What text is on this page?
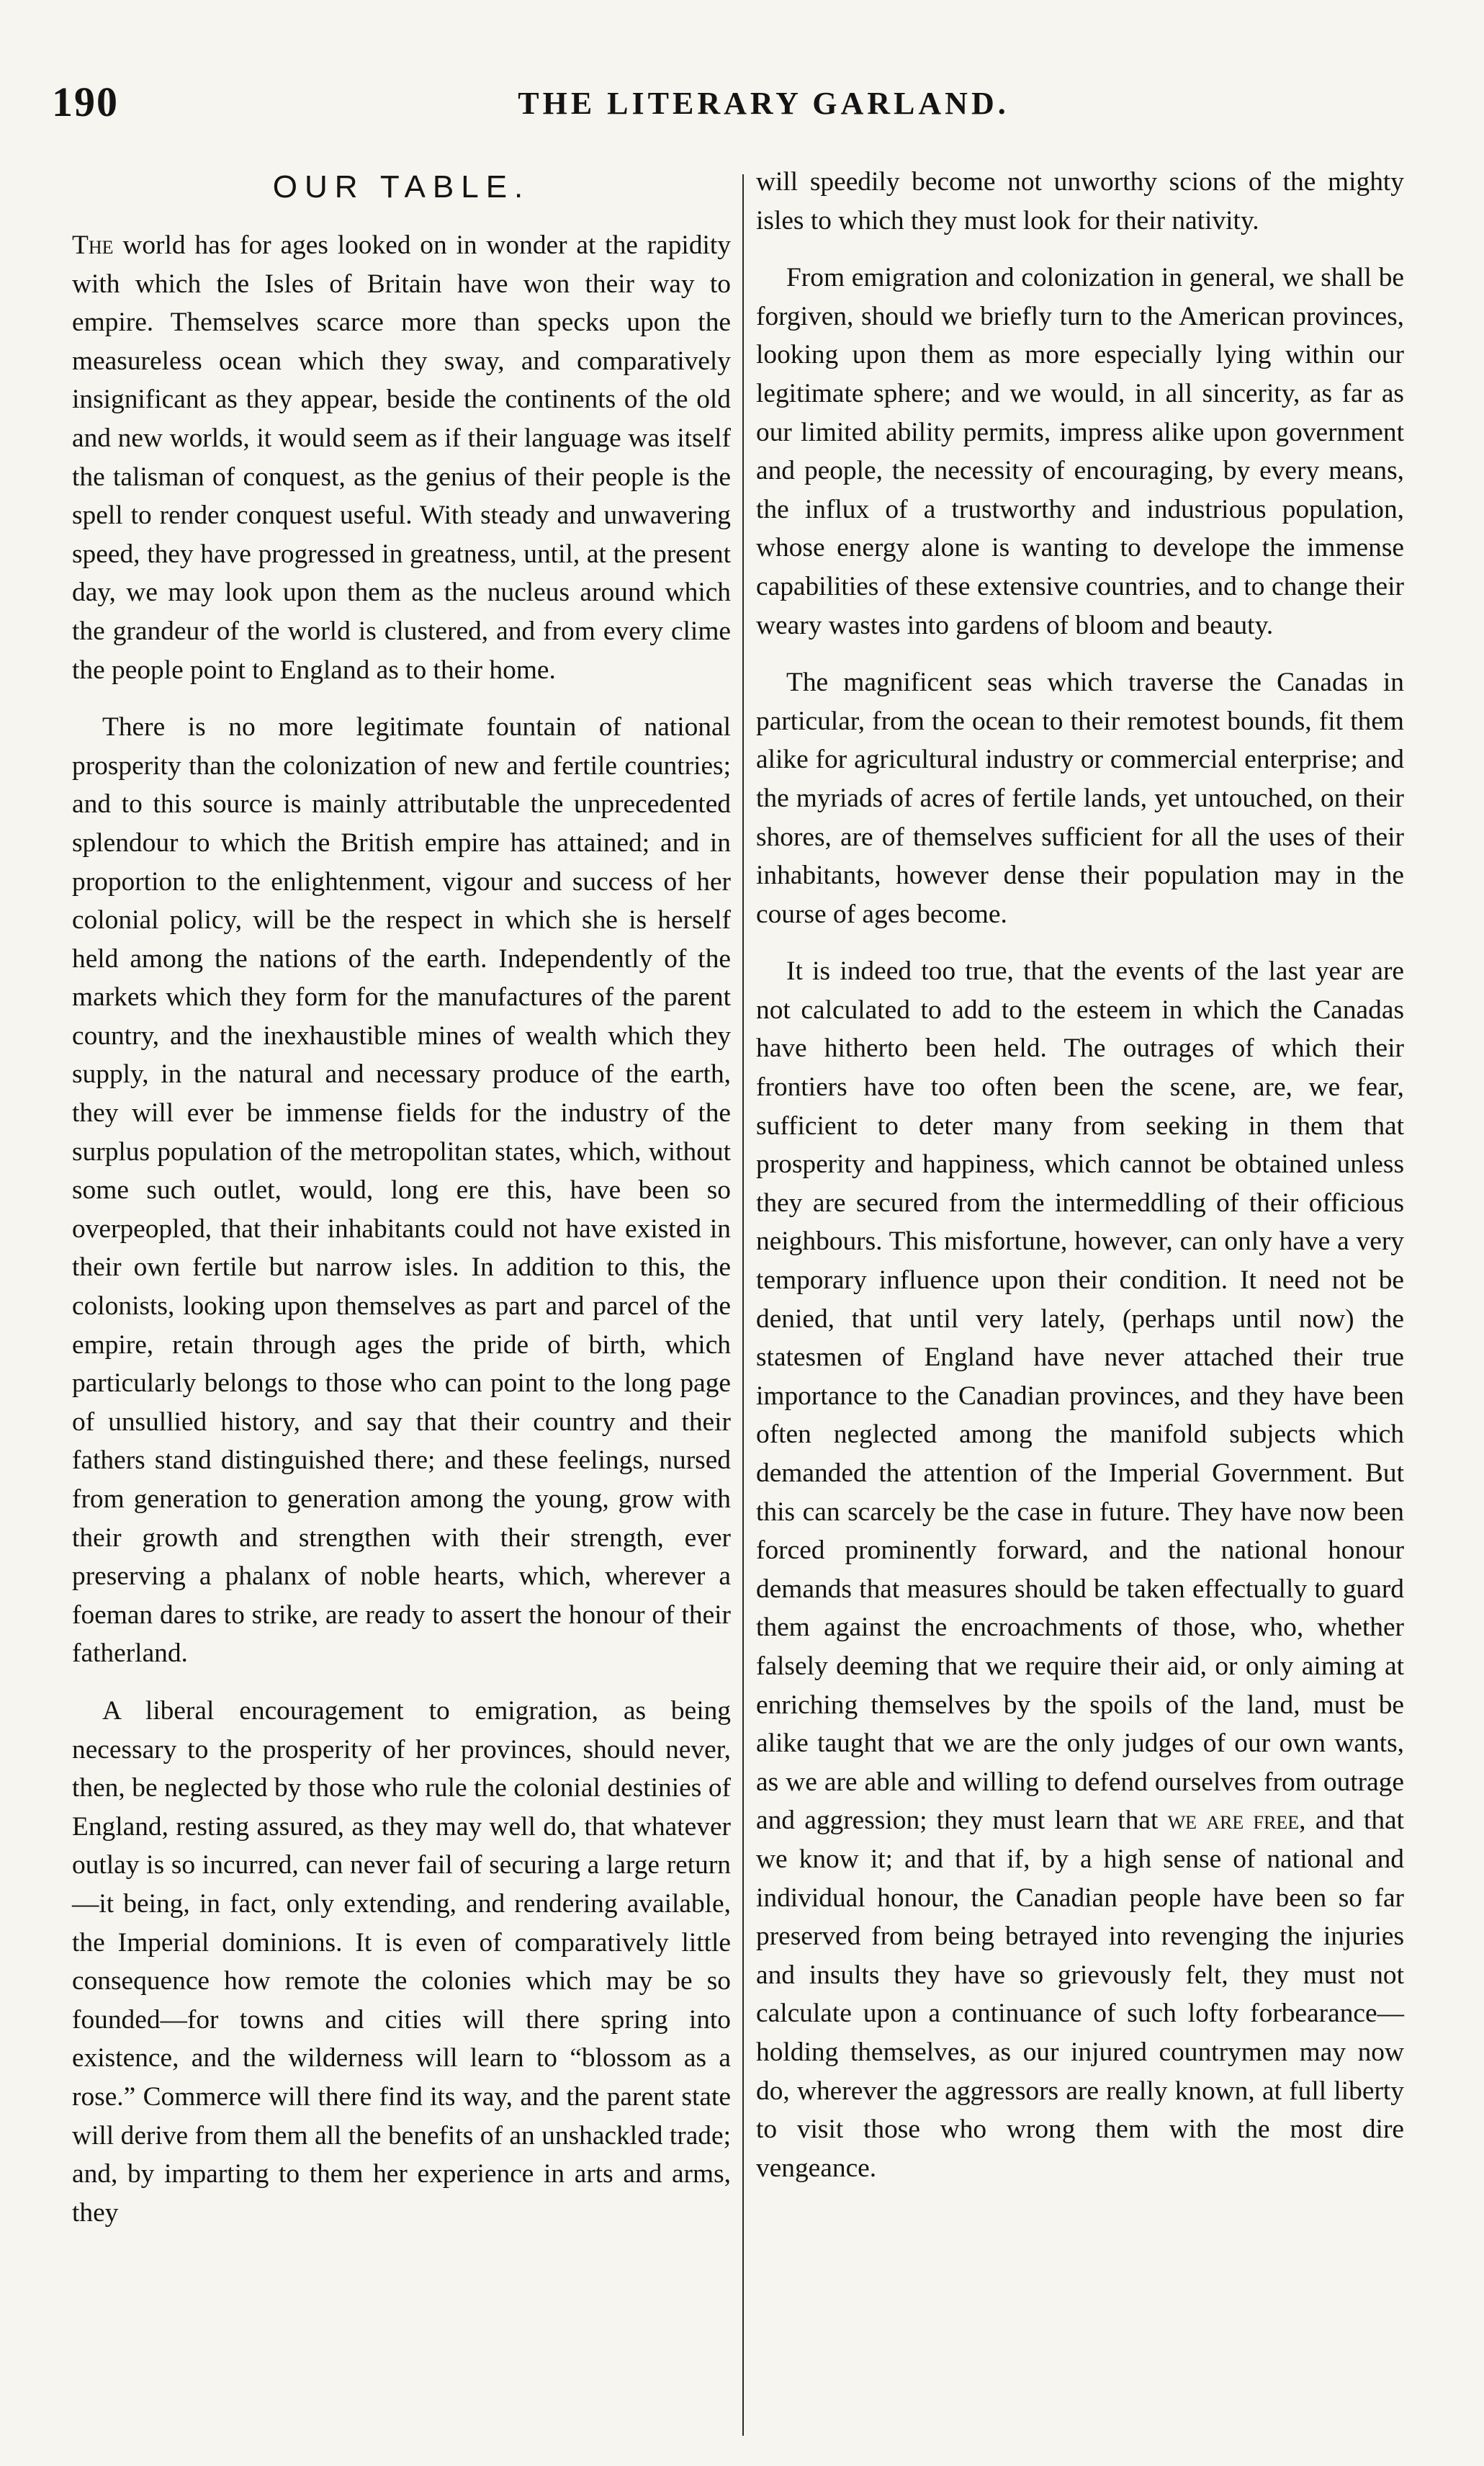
190	THE LITERARY GARLAND.
OUR TABLE.

The world has for ages looked on in wonder at the rapidity with which the Isles of Britain have won their way to empire. Themselves scarce more than specks upon the measureless ocean which they sway, and comparatively insignificant as they appear, beside the continents of the old and new worlds, it would seem as if their language was itself the talisman of conquest, as the genius of their people is the spell to render conquest useful. With steady and unwavering speed, they have progressed in greatness, until, at the present day, we may look upon them as the nucleus around which the grandeur of the world is clustered, and from every clime the people point to England as to their home.

There is no more legitimate fountain of national prosperity than the colonization of new and fertile countries; and to this source is mainly attributable the unprecedented splendour to which the British empire has attained; and in proportion to the enlightenment, vigour and success of her colonial policy, will be the respect in which she is herself held among the nations of the earth. Independently of the markets which they form for the manufactures of the parent country, and the inexhaustible mines of wealth which they supply, in the natural and necessary produce of the earth, they will ever be immense fields for the industry of the surplus population of the metropolitan states, which, without some such outlet, would, long ere this, have been so overpeopled, that their inhabitants could not have existed in their own fertile but narrow isles. In addition to this, the colonists, looking upon themselves as part and parcel of the empire, retain through ages the pride of birth, which particularly belongs to those who can point to the long page of unsullied history, and say that their country and their fathers stand distinguished there; and these feelings, nursed from generation to generation among the young, grow with their growth and strengthen with their strength, ever preserving a phalanx of noble hearts, which, wherever a foeman dares to strike, are ready to assert the honour of their fatherland.

A liberal encouragement to emigration, as being necessary to the prosperity of her provinces, should never, then, be neglected by those who rule the colonial destinies of England, resting assured, as they may well do, that whatever outlay is so incurred, can never fail of securing a large return—it being, in fact, only extending, and rendering available, the Imperial dominions. It is even of comparatively little consequence how remote the colonies which may be so founded—for towns and cities will there spring into existence, and the wilderness will learn to “blossom as a rose.” Commerce will there find its way, and the parent state will derive from them all the benefits of an unshackled trade; and, by imparting to them her experience in arts and arms, they

will speedily become not unworthy scions of the mighty isles to which they must look for their nativity.

From emigration and colonization in general, we shall be forgiven, should we briefly turn to the American provinces, looking upon them as more especially lying within our legitimate sphere; and we would, in all sincerity, as far as our limited ability permits, impress alike upon government and people, the necessity of encouraging, by every means, the influx of a trustworthy and industrious population, whose energy alone is wanting to develope the immense capabilities of these extensive countries, and to change their weary wastes into gardens of bloom and beauty.

The magnificent seas which traverse the Canadas in particular, from the ocean to their remotest bounds, fit them alike for agricultural industry or commercial enterprise; and the myriads of acres of fertile lands, yet untouched, on their shores, are of themselves sufficient for all the uses of their inhabitants, however dense their population may in the course of ages become.

It is indeed too true, that the events of the last year are not calculated to add to the esteem in which the Canadas have hitherto been held. The outrages of which their frontiers have too often been the scene, are, we fear, sufficient to deter many from seeking in them that prosperity and happiness, which cannot be obtained unless they are secured from the intermeddling of their officious neighbours. This misfortune, however, can only have a very temporary influence upon their condition. It need not be denied, that until very lately, (perhaps until now) the statesmen of England have never attached their true importance to the Canadian provinces, and they have been often neglected among the manifold subjects which demanded the attention of the Imperial Government. But this can scarcely be the case in future. They have now been forced prominently forward, and the national honour demands that measures should be taken effectually to guard them against the encroachments of those, who, whether falsely deeming that we require their aid, or only aiming at enriching themselves by the spoils of the land, must be alike taught that we are the only judges of our own wants, as we are able and willing to defend ourselves from outrage and aggression; they must learn that we are free, and that we know it; and that if, by a high sense of national and individual honour, the Canadian people have been so far preserved from being betrayed into revenging the injuries and insults they have so grievously felt, they must not calculate upon a continuance of such lofty forbearance—holding themselves, as our injured countrymen may now do, wherever the aggressors are really known, at full liberty to visit those who wrong them with the most dire vengeance.
